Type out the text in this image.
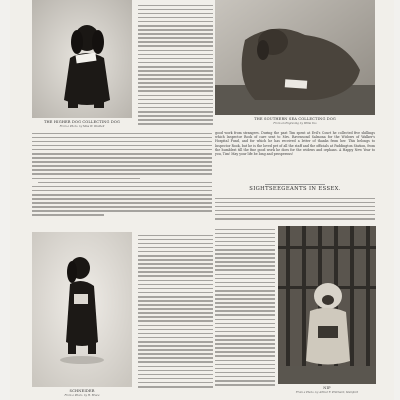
THE HIGHER DOG COLLECTING DOG
From a Photo. by Miss W. Waddell
THE SOUTHERN SEA COLLECTING DOG
From an Engraving by Willie Yeo
good work from strangers. During the past Tim spent at Evil's Court he collected five shillings which Inspector Rook of care sent to Mrs. Ravensond Salmona for the Widows of Walker's Hospital Fund, and for which he has received a letter of thanks from her. This belongs to Inspector Rook, but he is the loved pet of all the staff and the officials at Paddington Station, from the humblest till the fine good work he does for the widows and orphans. A Happy New Year to you, Tim! May your life be long and prosperous!
SIGHTSEEGEANTS IN ESSEX.
SCHNEIDER
From a Photo. by H. Bruce
NIP
From a Photo. by Arthur F. Pritchard, Stamford
